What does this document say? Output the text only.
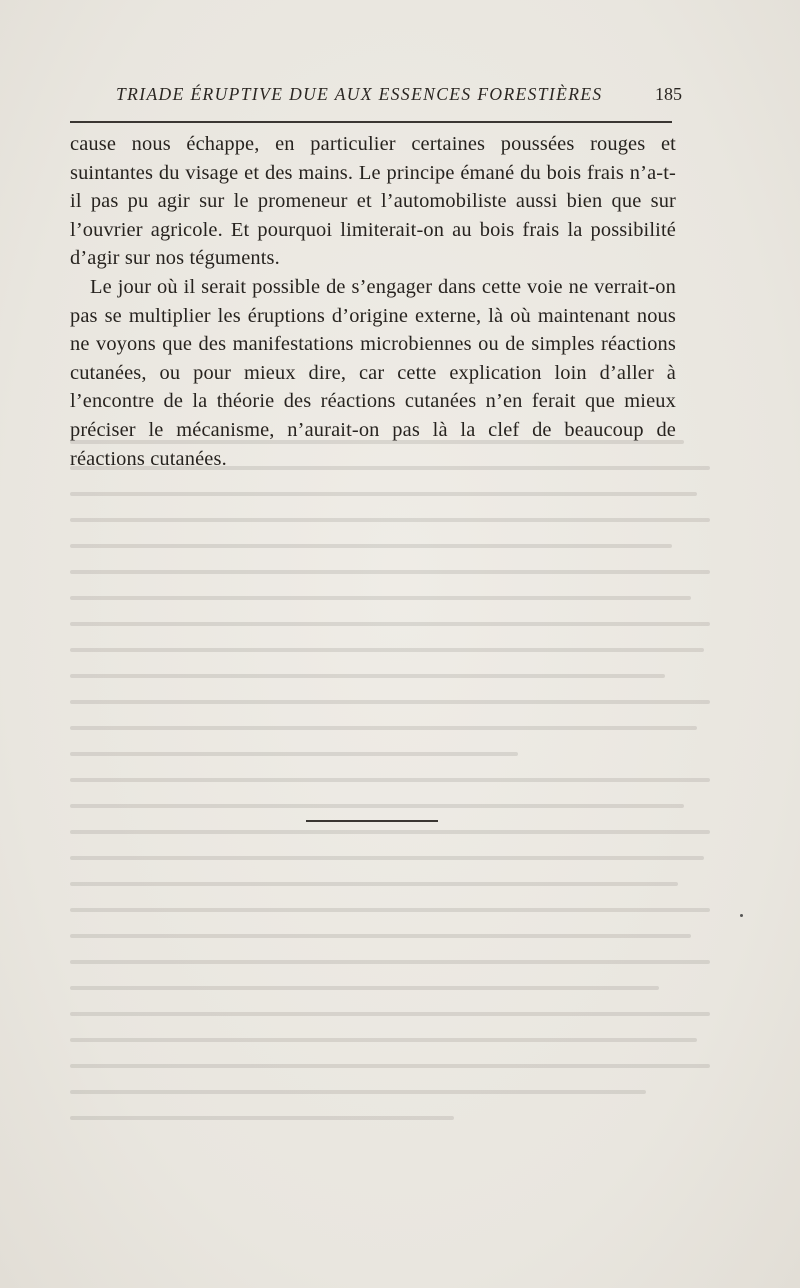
TRIADE ÉRUPTIVE DUE AUX ESSENCES FORESTIÈRES	185

cause nous échappe, en particulier certaines poussées rouges et suintantes du visage et des mains. Le principe émané du bois frais n’a-t-il pas pu agir sur le promeneur et l’automobiliste aussi bien que sur l’ouvrier agricole. Et pourquoi limiterait-on au bois frais la possibilité d’agir sur nos téguments.

Le jour où il serait possible de s’engager dans cette voie ne verrait-on pas se multiplier les éruptions d’origine externe, là où maintenant nous ne voyons que des manifestations microbiennes ou de simples réactions cutanées, ou pour mieux dire, car cette explication loin d’aller à l’encontre de la théorie des réactions cutanées n’en ferait que mieux préciser le mécanisme, n’aurait-on pas là la clef de beaucoup de réactions cutanées.
